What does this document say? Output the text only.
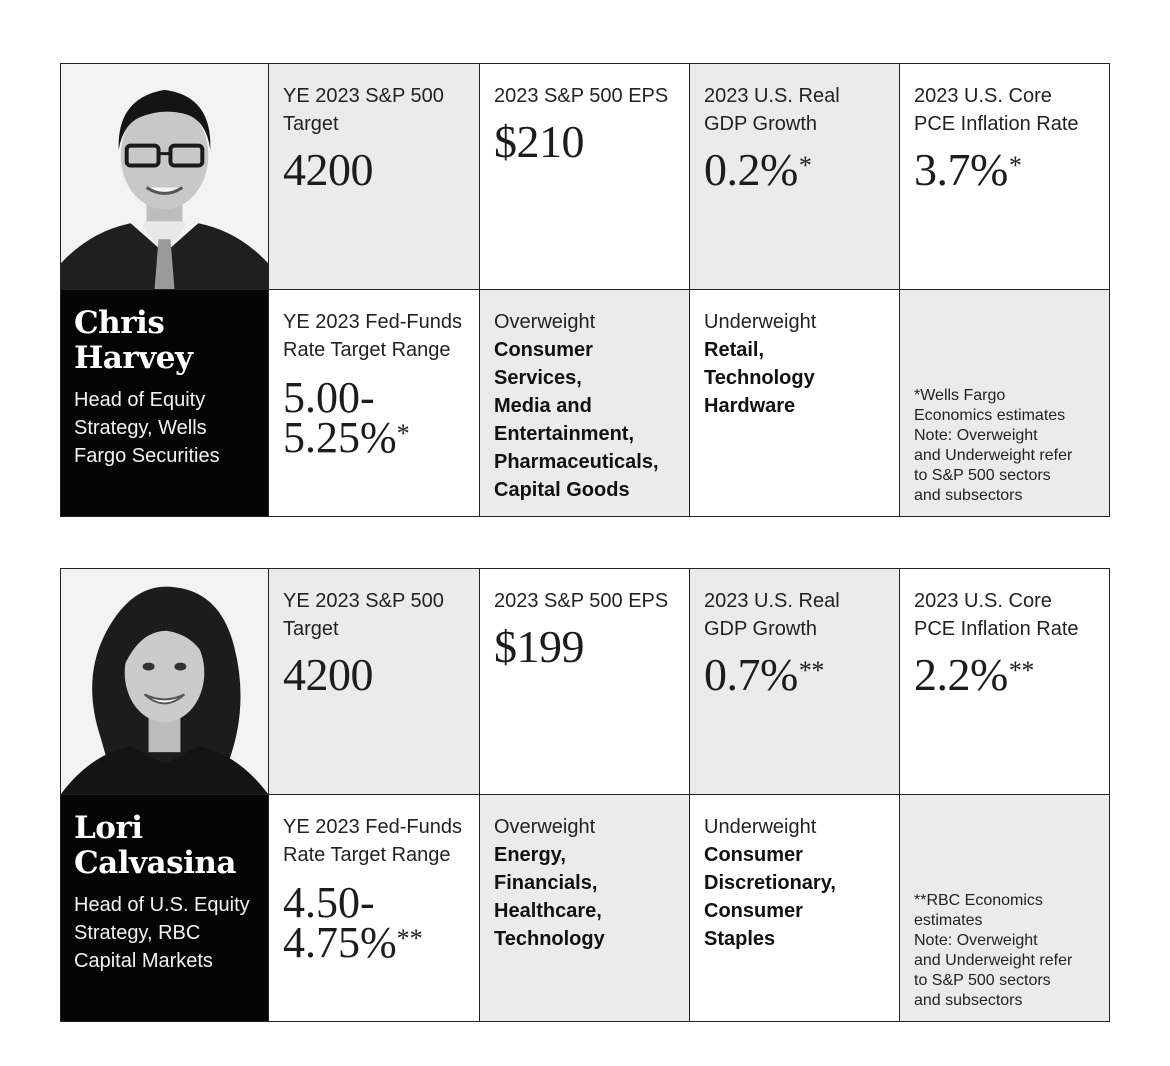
YE 2023 S&P 500 Target
4200
2023 S&P 500 EPS
$210
2023 U.S. Real GDP Growth
0.2%*
2023 U.S. Core PCE Inflation Rate
3.7%*
Chris
Harvey
Head of Equity Strategy, Wells Fargo Securities
YE 2023 Fed-Funds Rate Target Range
5.00-
5.25%*
Overweight
Consumer
Services,
Media and
Entertainment,
Pharmaceuticals,
Capital Goods
Underweight
Retail,
Technology
Hardware	*Wells Fargo
Economics estimates
Note: Overweight
and Underweight refer
to S&P 500 sectors
and subsectors
YE 2023 S&P 500 Target
4200
2023 S&P 500 EPS
$199
2023 U.S. Real GDP Growth
0.7%**
2023 U.S. Core PCE Inflation Rate
2.2%**
Lori
Calvasina
Head of U.S. Equity Strategy, RBC Capital Markets
YE 2023 Fed-Funds Rate Target Range
4.50-
4.75%**
Overweight
Energy,
Financials,
Healthcare,
Technology
Underweight
Consumer
Discretionary,
Consumer
Staples
**RBC Economics
estimates
Note: Overweight
and Underweight refer
to S&P 500 sectors
and subsectors
